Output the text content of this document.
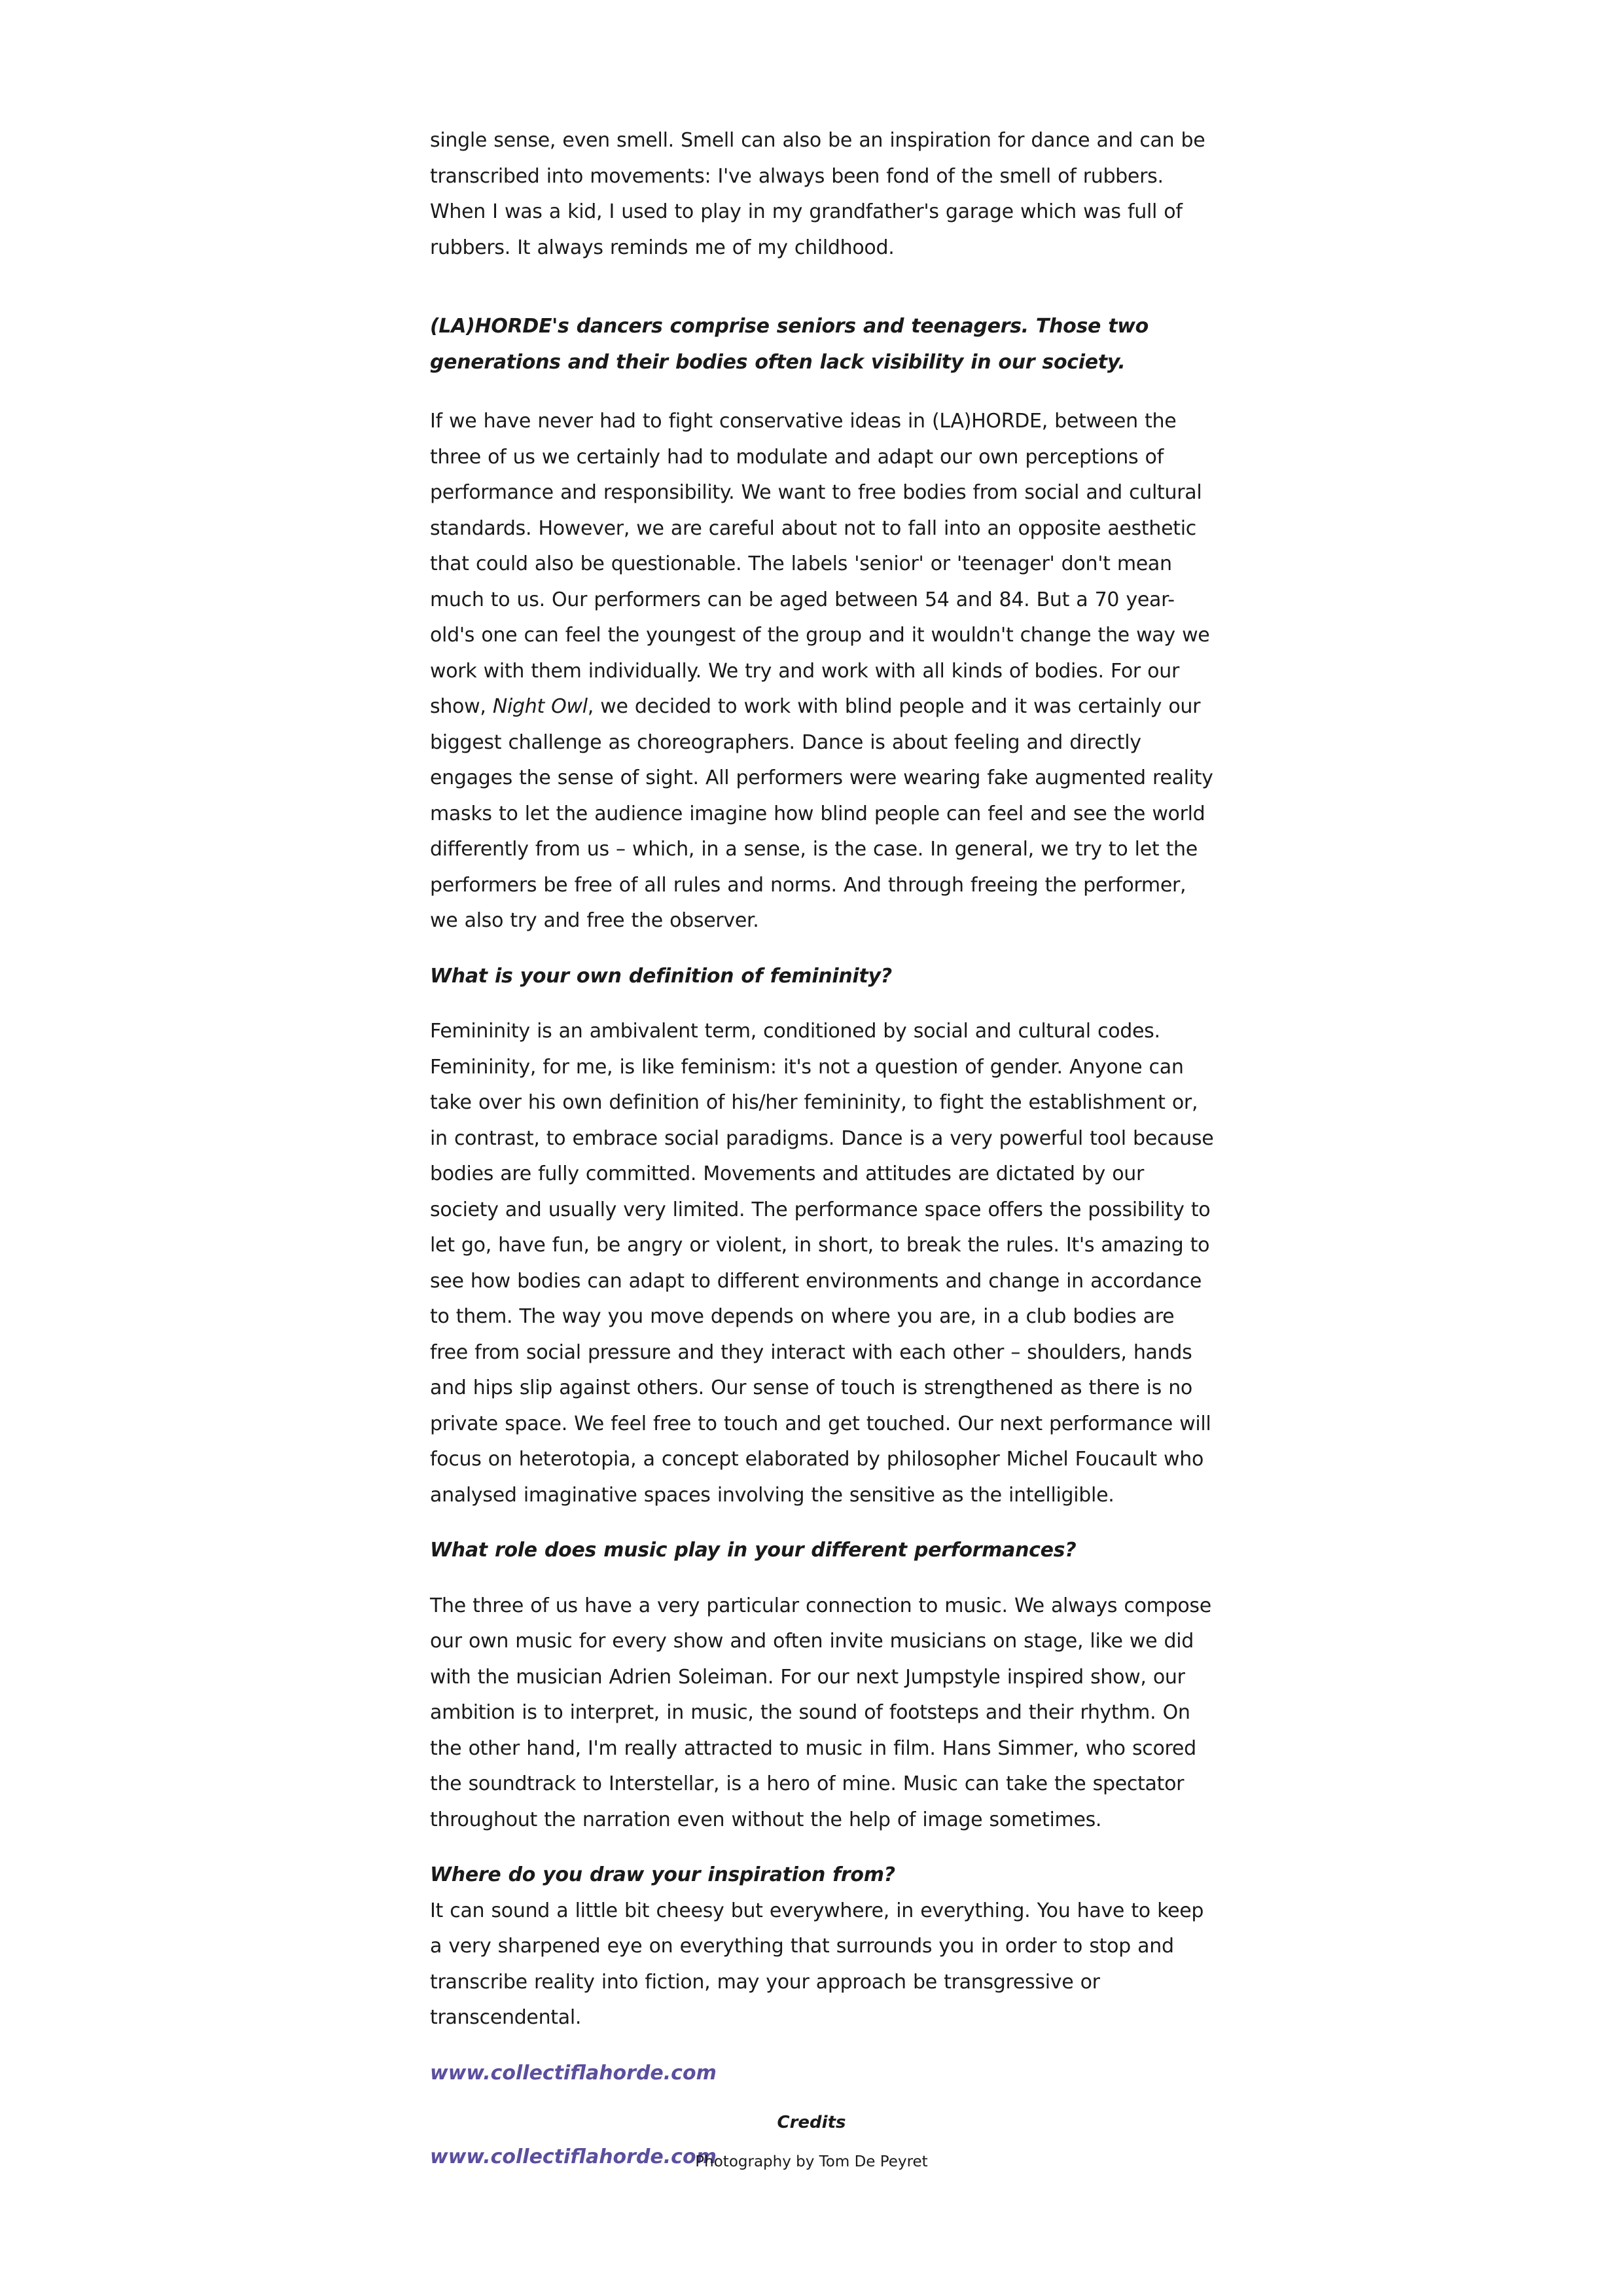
single sense, even smell. Smell can also be an inspiration for dance and can be transcribed into movements: I've always been fond of the smell of rubbers. When I was a kid, I used to play in my grandfather's garage which was full of rubbers. It always reminds me of my childhood.

(LA)HORDE's dancers comprise seniors and teenagers. Those two generations and their bodies often lack visibility in our society.

If we have never had to fight conservative ideas in (LA)HORDE, between the three of us we certainly had to modulate and adapt our own perceptions of performance and responsibility. We want to free bodies from social and cultural standards. However, we are careful about not to fall into an opposite aesthetic that could also be questionable. The labels 'senior' or 'teenager' don't mean much to us. Our performers can be aged between 54 and 84. But a 70 year-old's one can feel the youngest of the group and it wouldn't change the way we work with them individually. We try and work with all kinds of bodies. For our show, Night Owl, we decided to work with blind people and it was certainly our biggest challenge as choreographers. Dance is about feeling and directly engages the sense of sight. All performers were wearing fake augmented reality masks to let the audience imagine how blind people can feel and see the world differently from us – which, in a sense, is the case. In general, we try to let the performers be free of all rules and norms. And through freeing the performer, we also try and free the observer.

What is your own definition of femininity?

Femininity is an ambivalent term, conditioned by social and cultural codes. Femininity, for me, is like feminism: it's not a question of gender. Anyone can take over his own definition of his/her femininity, to fight the establishment or, in contrast, to embrace social paradigms. Dance is a very powerful tool because bodies are fully committed. Movements and attitudes are dictated by our society and usually very limited. The performance space offers the possibility to let go, have fun, be angry or violent, in short, to break the rules. It's amazing to see how bodies can adapt to different environments and change in accordance to them. The way you move depends on where you are, in a club bodies are free from social pressure and they interact with each other – shoulders, hands and hips slip against others. Our sense of touch is strengthened as there is no private space. We feel free to touch and get touched. Our next performance will focus on heterotopia, a concept elaborated by philosopher Michel Foucault who analysed imaginative spaces involving the sensitive as the intelligible.

What role does music play in your different performances?

The three of us have a very particular connection to music. We always compose our own music for every show and often invite musicians on stage, like we did with the musician Adrien Soleiman. For our next Jumpstyle inspired show, our ambition is to interpret, in music, the sound of footsteps and their rhythm. On the other hand, I'm really attracted to music in film. Hans Simmer, who scored the soundtrack to Interstellar, is a hero of mine. Music can take the spectator throughout the narration even without the help of image sometimes.

Where do you draw your inspiration from?

It can sound a little bit cheesy but everywhere, in everything. You have to keep a very sharpened eye on everything that surrounds you in order to stop and transcribe reality into fiction, may your approach be transgressive or transcendental.

www.collectiflahorde.com
www.collectiflahorde.com
Credits
Photography by Tom De Peyret
